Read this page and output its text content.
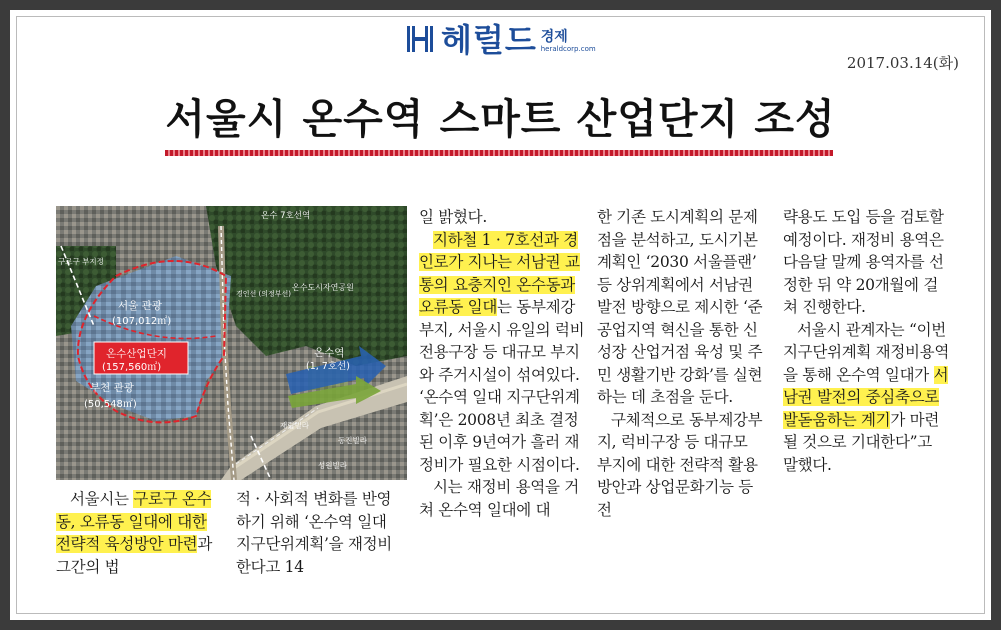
헤럴드 경제
heraldcorp.com
2017.03.14(화)
서울시 온수역 스마트 산업단지 조성
온수 7호선역
구로구 부지정
온수도시자연공원
경인선 (의정부선)
서울 관광
(107,012㎡)
온수산업단지
(157,560㎡)
부천 관광
(50,548㎡)
온수역
(1, 7호선)
재립빌라
동진빌라
성원빌라

서울시는 구로구 온수동, 오류동 일대에 대한 전략적 육성방안 마련과 그간의 법

적 · 사회적 변화를 반영하기 위해 ‘온수역 일대 지구단위계획’을 재정비 한다고 14

일 밝혔다.

지하철 1 · 7호선과 경인로가 지나는 서남권 교통의 요충지인 온수동과 오류동 일대는 동부제강 부지, 서울시 유일의 럭비전용구장 등 대규모 부지와 주거시설이 섞여있다. ‘온수역 일대 지구단위계획’은 2008년 최초 결정된 이후 9년여가 흘러 재정비가 필요한 시점이다.

시는 재정비 용역을 거쳐 온수역 일대에 대

한 기존 도시계획의 문제점을 분석하고, 도시기본계획인 ‘2030 서울플랜’ 등 상위계획에서 서남권 발전 방향으로 제시한 ‘준공업지역 혁신을 통한 신성장 산업거점 육성 및 주민 생활기반 강화’를 실현하는 데 초점을 둔다.

구체적으로 동부제강부지, 럭비구장 등 대규모 부지에 대한 전략적 활용 방안과 상업문화기능 등 전

략용도 도입 등을 검토할 예정이다. 재정비 용역은 다음달 말께 용역자를 선정한 뒤 약 20개월에 걸쳐 진행한다.

서울시 관계자는 “이번 지구단위계획 재정비용역을 통해 온수역 일대가 서남권 발전의 중심축으로 발돋움하는 계기가 마련될 것으로 기대한다”고 말했다.
